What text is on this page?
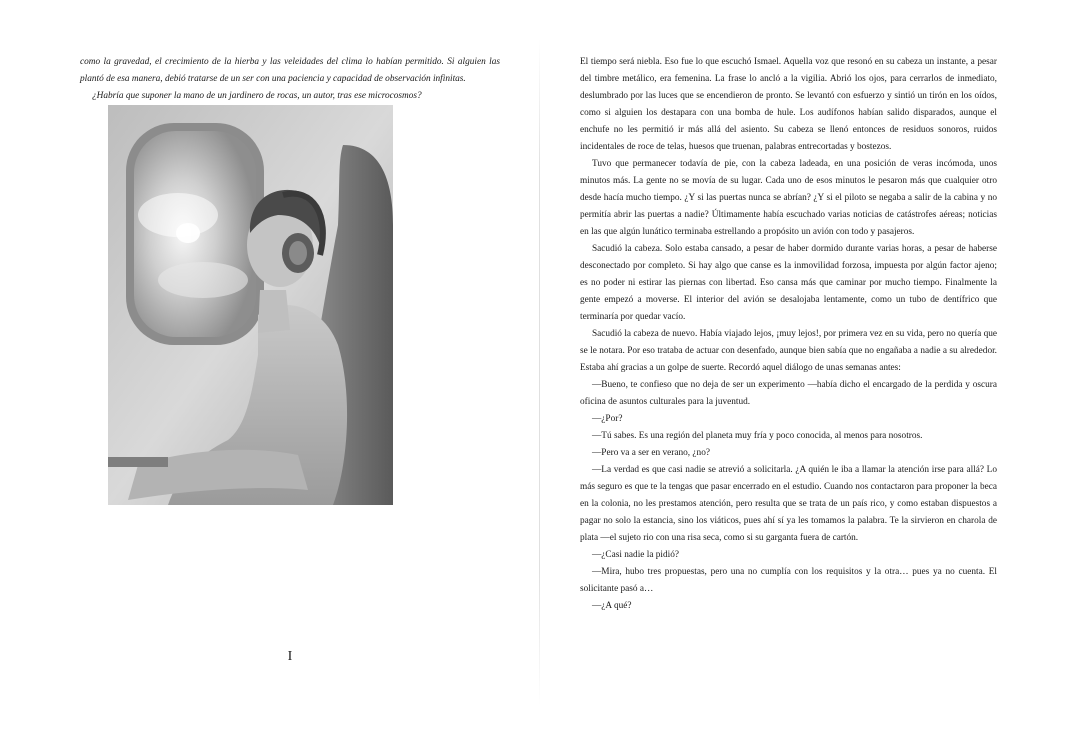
como la gravedad, el crecimiento de la hierba y las veleidades del clima lo habían permitido. Si alguien las plantó de esa manera, debió tratarse de un ser con una paciencia y capacidad de observación infinitas.

¿Habría que suponer la mano de un jardinero de rocas, un autor, tras ese microcosmos?

I

El tiempo será niebla. Eso fue lo que escuchó Ismael. Aquella voz que resonó en su cabeza un instante, a pesar del timbre metálico, era femenina. La frase lo ancló a la vigilia. Abrió los ojos, para cerrarlos de inmediato, deslumbrado por las luces que se encendieron de pronto. Se levantó con esfuerzo y sintió un tirón en los oídos, como si alguien los destapara con una bomba de hule. Los audífonos habían salido disparados, aunque el enchufe no les permitió ir más allá del asiento. Su cabeza se llenó entonces de residuos sonoros, ruidos incidentales de roce de telas, huesos que truenan, palabras entrecortadas y bostezos.

Tuvo que permanecer todavía de pie, con la cabeza ladeada, en una posición de veras incómoda, unos minutos más. La gente no se movía de su lugar. Cada uno de esos minutos le pesaron más que cualquier otro desde hacía mucho tiempo. ¿Y si las puertas nunca se abrían? ¿Y si el piloto se negaba a salir de la cabina y no permitía abrir las puertas a nadie? Últimamente había escuchado varias noticias de catástrofes aéreas; noticias en las que algún lunático terminaba estrellando a propósito un avión con todo y pasajeros.

Sacudió la cabeza. Solo estaba cansado, a pesar de haber dormido durante varias horas, a pesar de haberse desconectado por completo. Si hay algo que canse es la inmovilidad forzosa, impuesta por algún factor ajeno; es no poder ni estirar las piernas con libertad. Eso cansa más que caminar por mucho tiempo. Finalmente la gente empezó a moverse. El interior del avión se desalojaba lentamente, como un tubo de dentífrico que terminaría por quedar vacío.

Sacudió la cabeza de nuevo. Había viajado lejos, ¡muy lejos!, por primera vez en su vida, pero no quería que se le notara. Por eso trataba de actuar con desenfado, aunque bien sabía que no engañaba a nadie a su alrededor. Estaba ahí gracias a un golpe de suerte. Recordó aquel diálogo de unas semanas antes:

—Bueno, te confieso que no deja de ser un experimento —había dicho el encargado de la perdida y oscura oficina de asuntos culturales para la juventud.

—¿Por?

—Tú sabes. Es una región del planeta muy fría y poco conocida, al menos para nosotros.

—Pero va a ser en verano, ¿no?

—La verdad es que casi nadie se atrevió a solicitarla. ¿A quién le iba a llamar la atención irse para allá? Lo más seguro es que te la tengas que pasar encerrado en el estudio. Cuando nos contactaron para proponer la beca en la colonia, no les prestamos atención, pero resulta que se trata de un país rico, y como estaban dispuestos a pagar no solo la estancia, sino los viáticos, pues ahí sí ya les tomamos la palabra. Te la sirvieron en charola de plata —el sujeto rio con una risa seca, como si su garganta fuera de cartón.

—¿Casi nadie la pidió?

—Mira, hubo tres propuestas, pero una no cumplía con los requisitos y la otra… pues ya no cuenta. El solicitante pasó a…

—¿A qué?
